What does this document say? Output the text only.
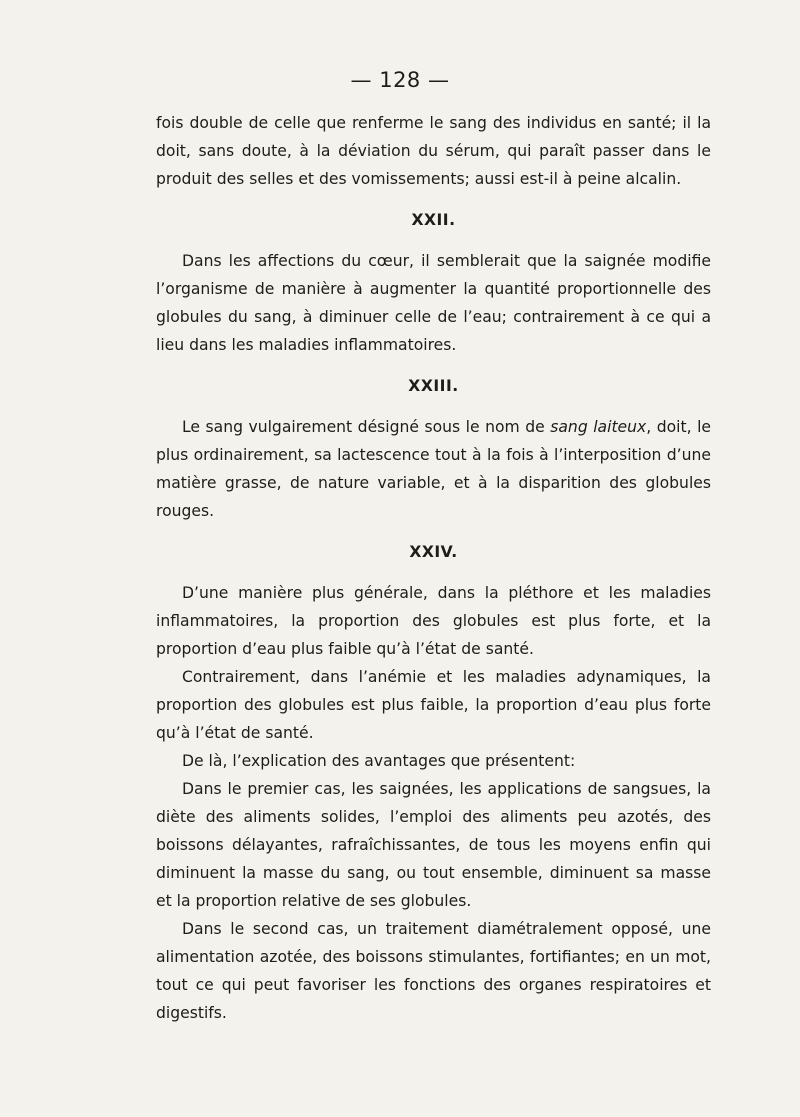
— 128 —

fois double de celle que renferme le sang des individus en santé; il la doit, sans doute, à la déviation du sérum, qui paraît passer dans le produit des selles et des vomissements; aussi est-il à peine alcalin.

XXII.

Dans les affections du cœur, il semblerait que la saignée modifie l’organisme de manière à augmenter la quantité proportionnelle des globules du sang, à diminuer celle de l’eau; contrairement à ce qui a lieu dans les maladies inflammatoires.

XXIII.

Le sang vulgairement désigné sous le nom de sang laiteux, doit, le plus ordinairement, sa lactescence tout à la fois à l’interposition d’une matière grasse, de nature variable, et à la disparition des globules rouges.

XXIV.

D’une manière plus générale, dans la pléthore et les maladies inflammatoires, la proportion des globules est plus forte, et la proportion d’eau plus faible qu’à l’état de santé.

Contrairement, dans l’anémie et les maladies adynamiques, la proportion des globules est plus faible, la proportion d’eau plus forte qu’à l’état de santé.

De là, l’explication des avantages que présentent:

Dans le premier cas, les saignées, les applications de sangsues, la diète des aliments solides, l’emploi des aliments peu azotés, des boissons délayantes, rafraîchissantes, de tous les moyens enfin qui diminuent la masse du sang, ou tout ensemble, diminuent sa masse et la proportion relative de ses globules.

Dans le second cas, un traitement diamétralement opposé, une alimentation azotée, des boissons stimulantes, fortifiantes; en un mot, tout ce qui peut favoriser les fonctions des organes respiratoires et digestifs.
